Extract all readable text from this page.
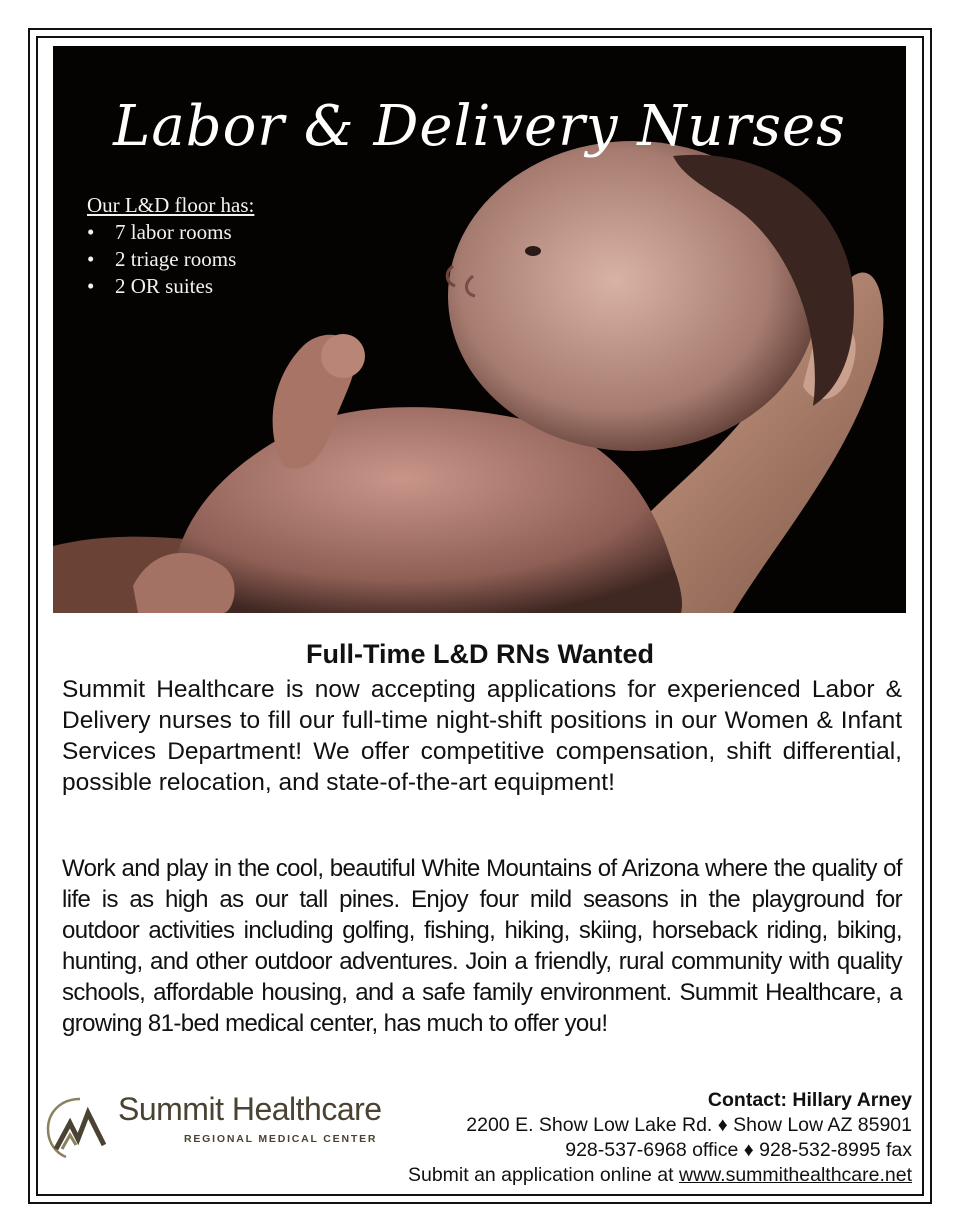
Labor & Delivery Nurses
Our L&D floor has:
• 7 labor rooms
• 2 triage rooms
• 2 OR suites
Full-Time L&D RNs Wanted

Summit Healthcare is now accepting applications for experienced Labor & Delivery nurses to fill our full-time night-shift positions in our Women & Infant Services Department! We offer competitive compensation, shift differential, possible relocation, and state-of-the-art equipment!

Work and play in the cool, beautiful White Mountains of Arizona where the quality of life is as high as our tall pines. Enjoy four mild seasons in the playground for outdoor activities including golfing, fishing, hiking, skiing, horseback riding, biking, hunting, and other outdoor adventures. Join a friendly, rural community with quality schools, affordable housing, and a safe family environment. Summit Healthcare, a growing 81-bed medical center, has much to offer you!

Summit Healthcare
REGIONAL MEDICAL CENTER
Contact: Hillary Arney
2200 E. Show Low Lake Rd. ♦ Show Low AZ 85901
928-537-6968 office ♦ 928-532-8995 fax
Submit an application online at www.summithealthcare.net
